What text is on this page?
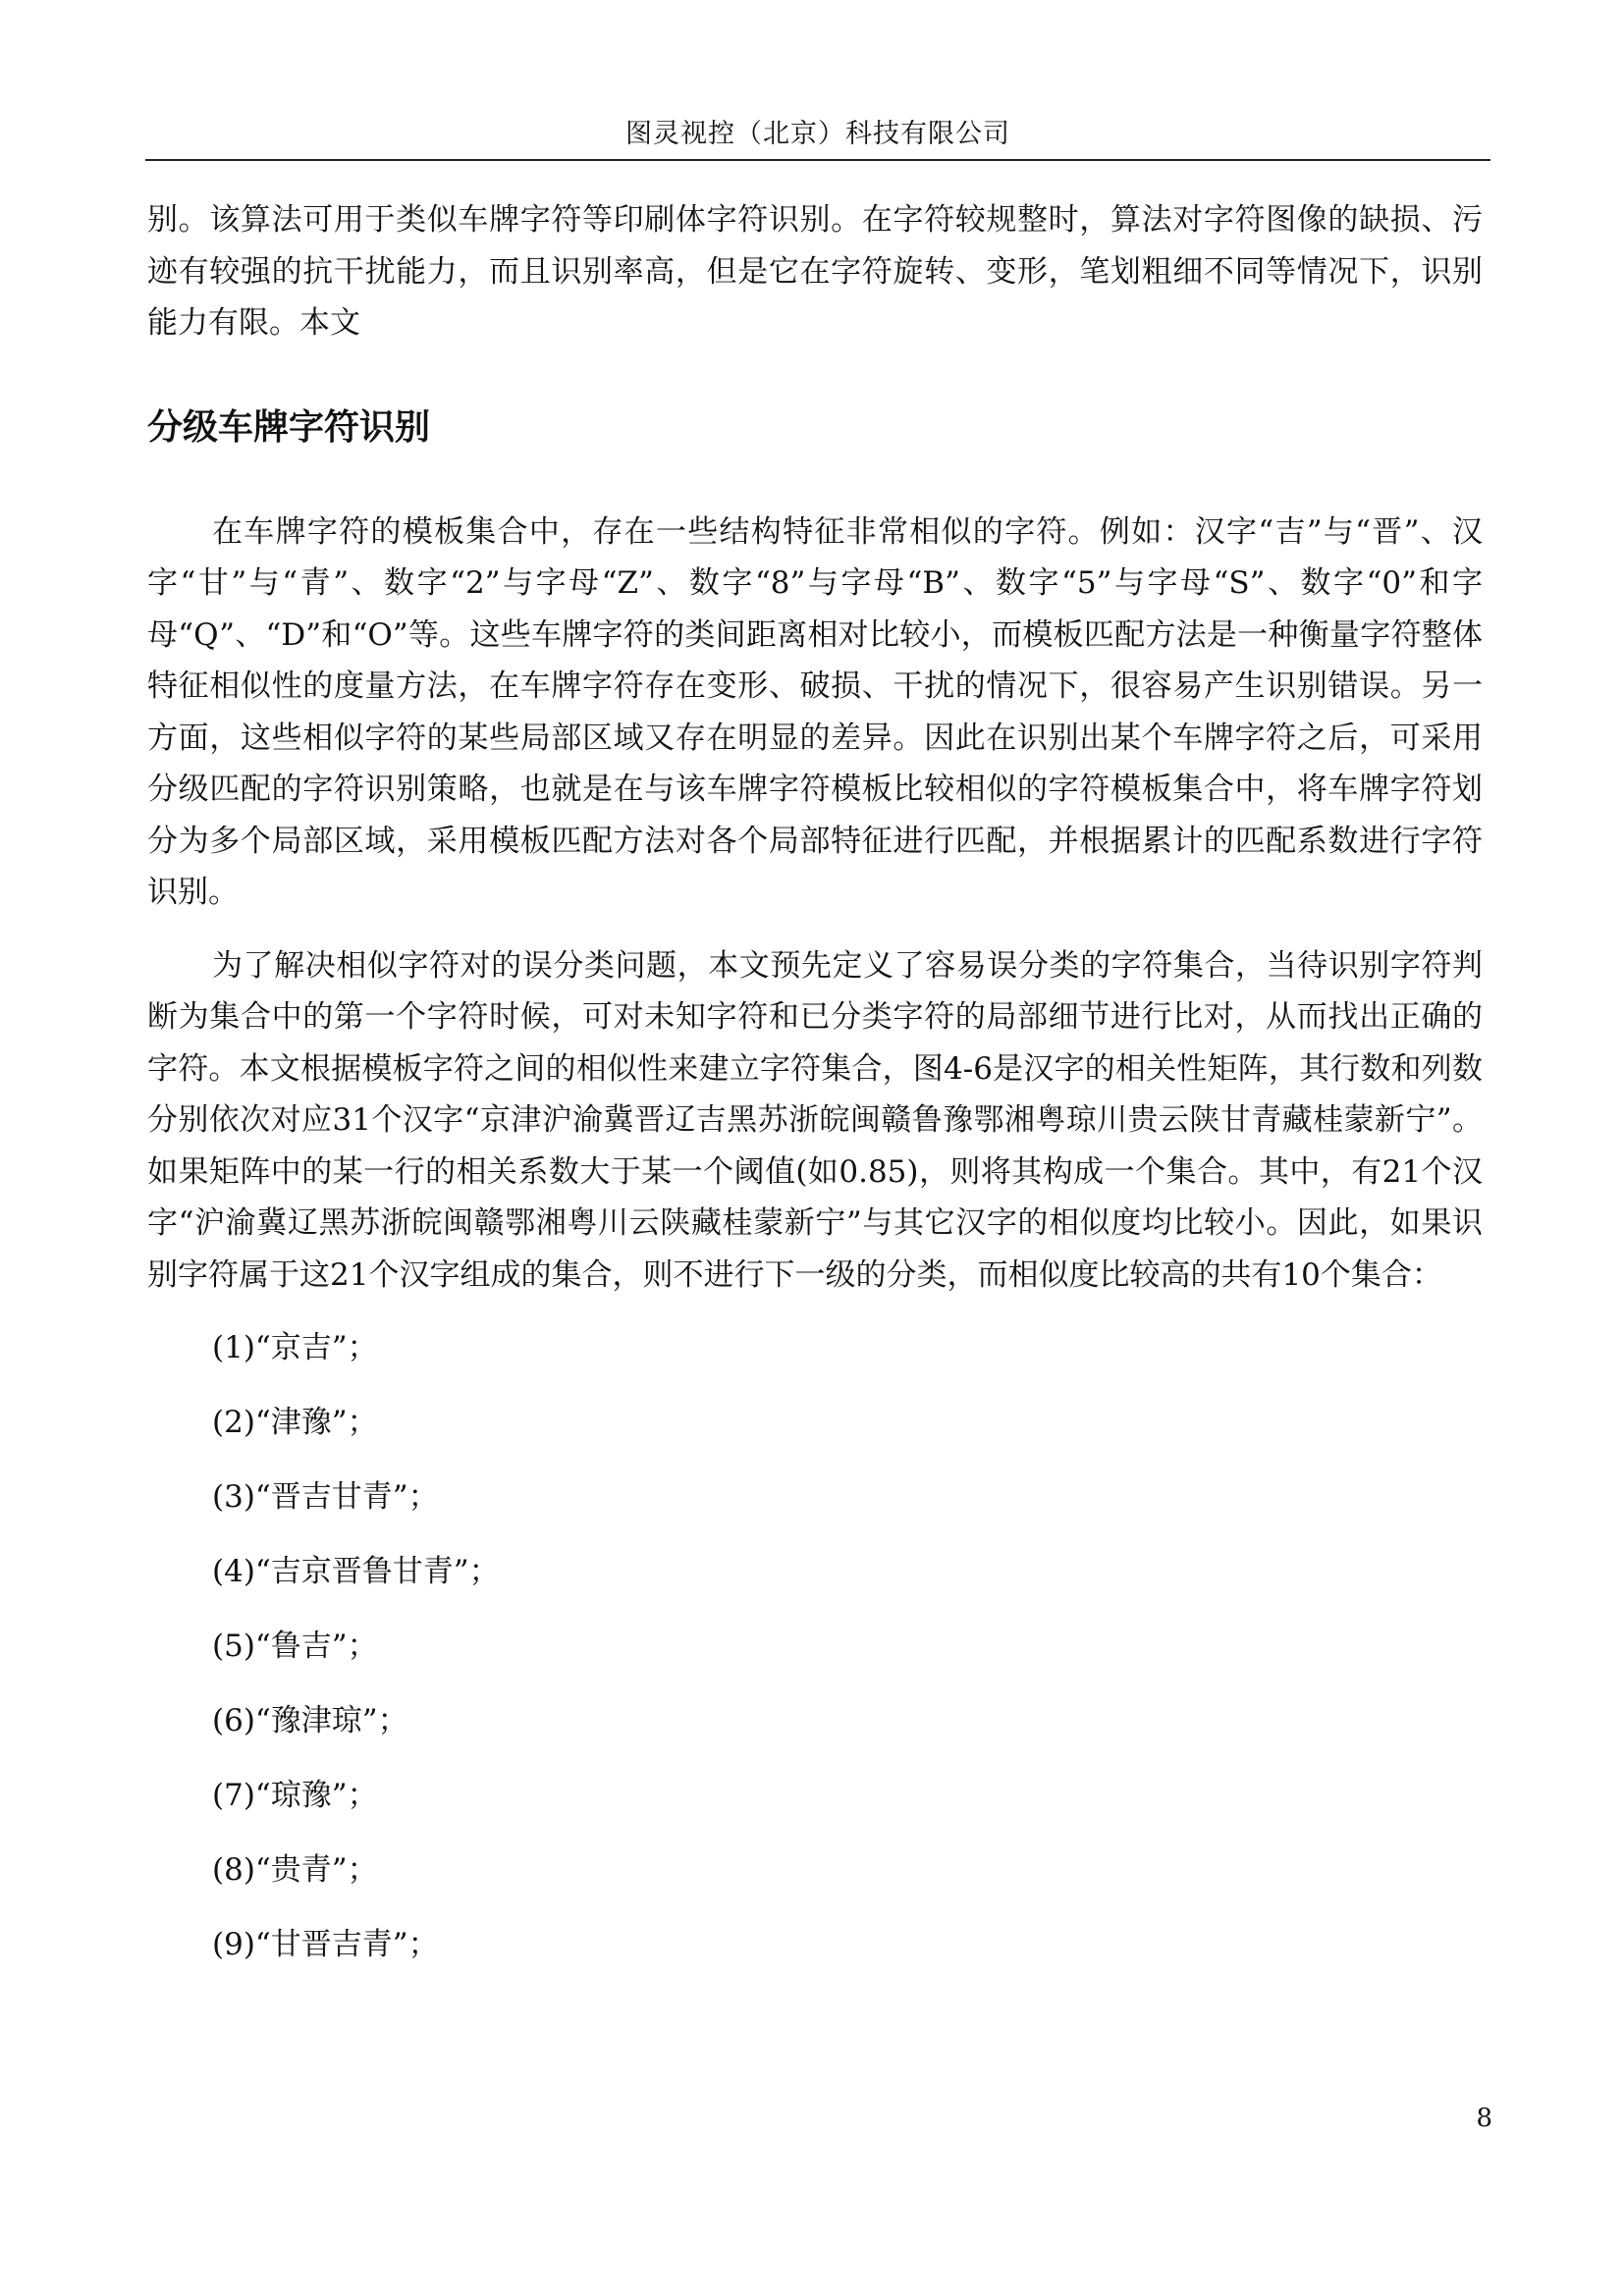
图灵视控（北京）科技有限公司

别。该算法可用于类似车牌字符等印刷体字符识别。在字符较规整时，算法对字符图像的缺损、污迹有较强的抗干扰能力，而且识别率高，但是它在字符旋转、变形，笔划粗细不同等情况下，识别能力有限。本文

分级车牌字符识别

在车牌字符的模板集合中，存在一些结构特征非常相似的字符。例如：汉字“吉”与“晋”、汉字“甘”与“青”、数字“2”与字母“Z”、数字“8”与字母“B”、数字“5”与字母“S”、数字“0”和字母“Q”、“D”和“O”等。这些车牌字符的类间距离相对比较小，而模板匹配方法是一种衡量字符整体特征相似性的度量方法，在车牌字符存在变形、破损、干扰的情况下，很容易产生识别错误。另一方面，这些相似字符的某些局部区域又存在明显的差异。因此在识别出某个车牌字符之后，可采用分级匹配的字符识别策略，也就是在与该车牌字符模板比较相似的字符模板集合中，将车牌字符划分为多个局部区域，采用模板匹配方法对各个局部特征进行匹配，并根据累计的匹配系数进行字符识别。

为了解决相似字符对的误分类问题，本文预先定义了容易误分类的字符集合，当待识别字符判断为集合中的第一个字符时候，可对未知字符和已分类字符的局部细节进行比对，从而找出正确的字符。本文根据模板字符之间的相似性来建立字符集合，图4-6是汉字的相关性矩阵，其行数和列数分别依次对应31个汉字“京津沪渝冀晋辽吉黑苏浙皖闽赣鲁豫鄂湘粤琼川贵云陕甘青藏桂蒙新宁”。如果矩阵中的某一行的相关系数大于某一个阈值(如0.85)，则将其构成一个集合。其中，有21个汉字“沪渝冀辽黑苏浙皖闽赣鄂湘粤川云陕藏桂蒙新宁”与其它汉字的相似度均比较小。因此，如果识别字符属于这21个汉字组成的集合，则不进行下一级的分类，而相似度比较高的共有10个集合：

(1)“京吉”；
(2)“津豫”；
(3)“晋吉甘青”；
(4)“吉京晋鲁甘青”；
(5)“鲁吉”；
(6)“豫津琼”；
(7)“琼豫”；
(8)“贵青”；
(9)“甘晋吉青”；
8
